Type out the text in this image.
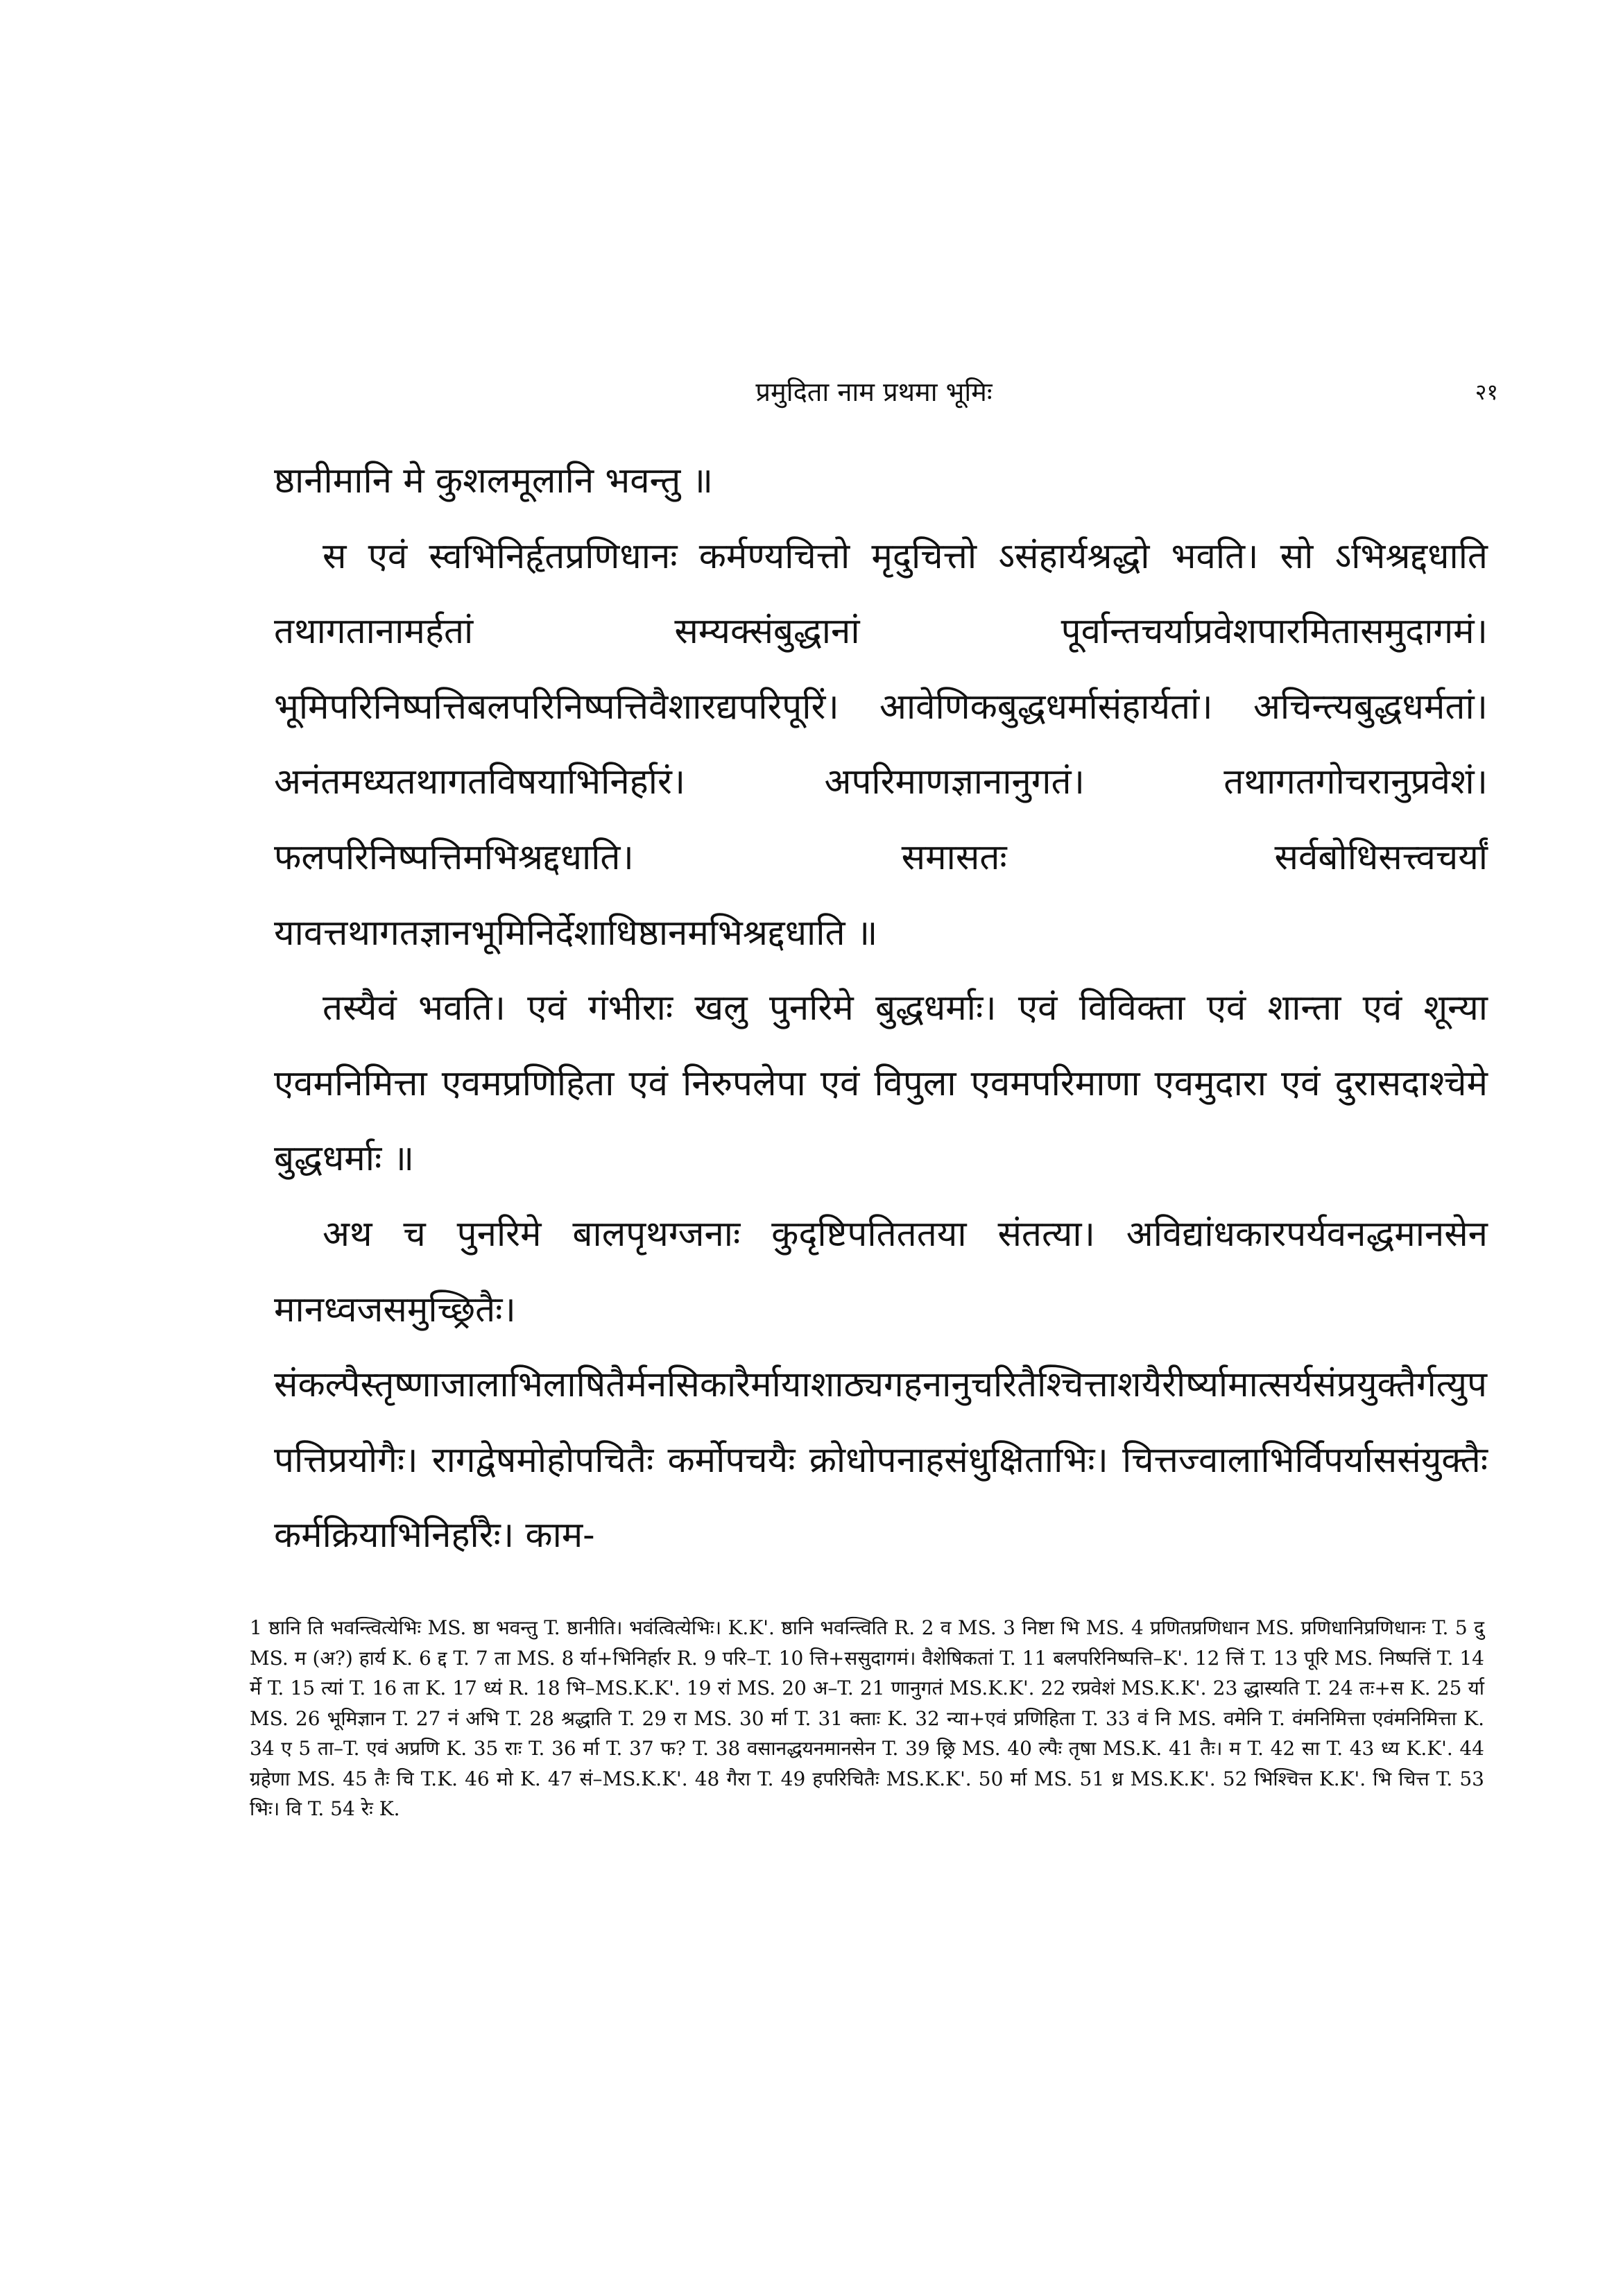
प्रमुदिता नाम प्रथमा भूमिः	२१

ष्ठानीमानि मे कुशलमूलानि भवन्तु ॥

स एवं स्वभिनिर्हृतप्रणिधानः कर्मण्यचित्तो मृदुचित्तो ऽसंहार्यश्रद्धो भवति। सो ऽभिश्रद्दधाति तथागतानामर्हतां सम्यक्संबुद्धानां पूर्वान्तचर्याप्रवेशपारमितासमुदागमं। भूमिपरिनिष्पत्तिबलपरिनिष्पत्तिवैशारद्यपरिपूरिं। आवेणिकबुद्धधर्मासंहार्यतां। अचिन्त्यबुद्धधर्मतां। अनंतमध्यतथागतविषयाभिनिर्हारं। अपरिमाणज्ञानानुगतं। तथागतगोचरानुप्रवेशं। फलपरिनिष्पत्तिमभिश्रद्दधाति। समासतः सर्वबोधिसत्त्वचर्यां यावत्तथागतज्ञानभूमिनिर्देशाधिष्ठानमभिश्रद्दधाति ॥

तस्यैवं भवति। एवं गंभीराः खलु पुनरिमे बुद्धधर्माः। एवं विविक्ता एवं शान्ता एवं शून्या एवमनिमित्ता एवमप्रणिहिता एवं निरुपलेपा एवं विपुला एवमपरिमाणा एवमुदारा एवं दुरासदाश्चेमे बुद्धधर्माः ॥

अथ च पुनरिमे बालपृथग्जनाः कुदृष्टिपतिततया संतत्या। अविद्यांधकारपर्यवनद्धमानसेन मानध्वजसमुच्छ्रितैः। संकल्पैस्तृष्णाजालाभिलाषितैर्मनसिकारैर्मायाशाठ्यगहनानुचरितैश्चित्ताशयैरीर्ष्यामात्सर्यसंप्रयुक्तैर्गत्युपपत्तिप्रयोगैः। रागद्वेषमोहोपचितैः कर्मोपचयैः क्रोधोपनाहसंधुक्षिताभिः। चित्तज्वालाभिर्विपर्याससंयुक्तैः कर्मक्रियाभिनिर्हारैः। काम-

1 ष्ठानि ति भवन्त्वित्येभिः MS. ष्ठा भवन्तु T. ष्ठानीति। भवंत्वित्येभिः। K.K'. ष्ठानि भवन्त्विति R. 2 व MS. 3 निष्टा भि MS. 4 प्रणितप्रणिधान MS. प्रणिधानिप्रणिधानः T. 5 दु MS. म (अ?) हार्य K. 6 द्द T. 7 ता MS. 8 र्या+भिनिर्हार R. 9 परि–T. 10 त्ति+ससुदागमं। वैशेषिकतां T. 11 बलपरिनिष्पत्ति–K'. 12 त्तिं T. 13 पूरि MS. निष्पत्तिं T. 14 र्मे T. 15 त्यां T. 16 ता K. 17 ध्यं R. 18 भि–MS.K.K'. 19 रां MS. 20 अ–T. 21 णानुगतं MS.K.K'. 22 रप्रवेशं MS.K.K'. 23 द्धास्यति T. 24 तः+स K. 25 र्या MS. 26 भूमिज्ञान T. 27 नं अभि T. 28 श्रद्धाति T. 29 रा MS. 30 र्मा T. 31 क्ताः K. 32 न्या+एवं प्रणिहिता T. 33 वं नि MS. वमेनि T. वंमनिमित्ता एवंमनिमित्ता K. 34 ए 5 ता–T. एवं अप्रणि K. 35 राः T. 36 र्मा T. 37 फ? T. 38 वसानद्धयनमानसेन T. 39 छ्रि MS. 40 ल्पैः तृषा MS.K. 41 तैः। म T. 42 सा T. 43 ध्य K.K'. 44 ग्रहेणा MS. 45 तैः चि T.K. 46 मो K. 47 सं–MS.K.K'. 48 गैरा T. 49 हपरिचितैः MS.K.K'. 50 र्मा MS. 51 ध्र MS.K.K'. 52 भिश्चित्त K.K'. भि चित्त T. 53 भिः। वि T. 54 रेः K.
